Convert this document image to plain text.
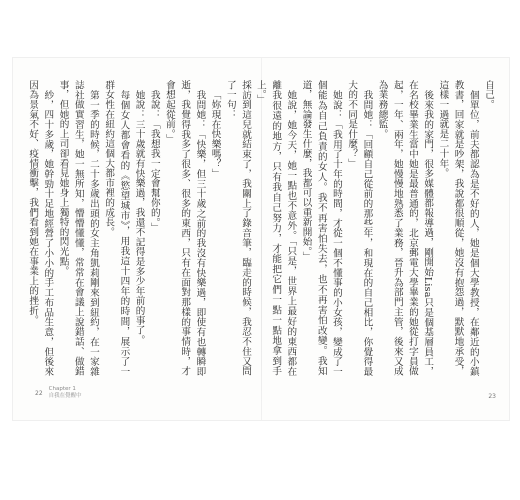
採訪到這兒就結束了，我關上了錄音筆，臨走的時候，我忍不住又問了一句：

「妳現在快樂嗎？」

我問她：「快樂，但三十歲之前的我沒有快樂過，即使有也轉瞬即逝，我覺得我多了很多、很多的東西，只有在面對那樣的事情時，才會想起從前。」

我說：「我想我一定會幫你的。」

她說：三十歲就有快樂過，我還不記得是多少年前的事了。

每個女人都會看的《慾望城市》，用我這十四年的時間，展示了一群女性在紐約這個大都市裡的成長。

第一季的時候，二十多歲出頭的女主角凱莉剛來到紐約，在一家雜誌社做實習生，她一無所知，懵懵懂懂，常常在會議上說錯話、做錯事，但她的上司卻看見她身上獨特的閃光點。

紗，四十多歲，她幹勁十足地經營了小小的手工布品生意，但後來因為景氣不好、疫情衝擊，我們看到她在事業上的挫折。

22
Chapter 1
自我在覺醒中

自己。

個單位，前夫都認為是不好的人，她是個大學教授，在鄰近的小鎮教書，回家就是吵架，我說都很順從，她沒有抱怨過，默默地承受，這樣一過就是二十年。

後來我的家門，很多媒體都報導過，剛開始Lisa只是個基層員工，在名校畢業生當中她是最普通的，北京郵電大學畢業的她從打字員做起，一年、兩年，她慢慢地熟悉了業務，晉升為部門主管，後來又成為業務總監。

我問她：「回顧自己從前的那些年，和現在的自己相比，你覺得最大的不同是什麼？」

她說：「我用了十年的時間，才從一個不懂事的小女孩，變成了一個能為自己負責的女人。我不再害怕失去，也不再害怕改變。我知道，無論發生什麼，我都可以重新開始。」

她說，她今天，她一點也不意外。「只是，世界上最好的東西都在離我很遠的地方，只有我自己努力，才能把它們一點一點地拿到手上。」

23
